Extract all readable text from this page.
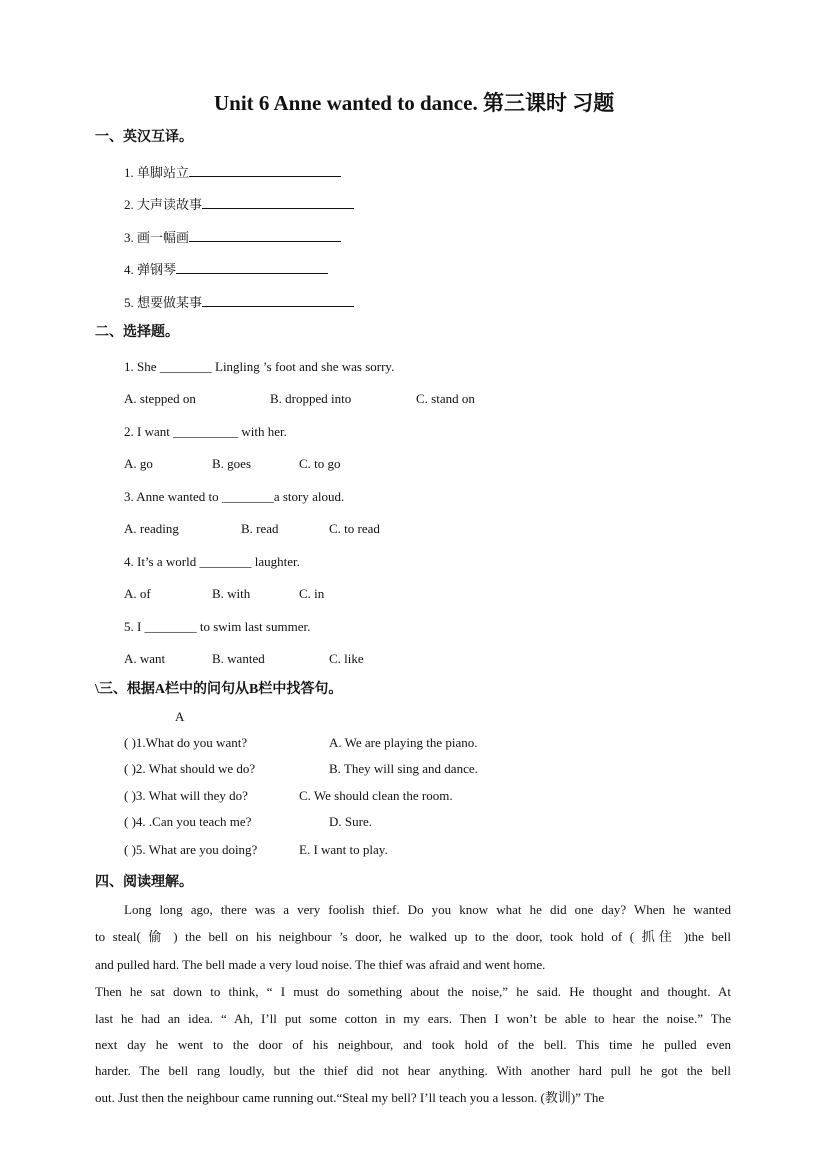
Unit 6 Anne wanted to dance. 第三课时 习题
一、英汉互译。
1. 单脚站立
2. 大声读故事
3. 画一幅画
4. 弹钢琴
5. 想要做某事
二、选择题。
1. She ________ Lingling ’s foot and she was sorry.
A. stepped on	B. dropped into	C. stand on
2. I want __________ with her.
A. go	B. goes	C. to go
3. Anne wanted to ________a story aloud.
A. reading	B. read	C. to read
4. It’s a world ________ laughter.
A. of	B. with	C. in
5. I ________ to swim last summer.
A. want	B. wanted	C. like
\三、根据A栏中的问句从B栏中找答句。
A
( )1.What do you want?	A. We are playing the piano.
( )2. What should we do?	B. They will sing and dance.
( )3. What will they do?	C. We should clean the room.
( )4. .Can you teach me?	D. Sure.
( )5. What are you doing?	E. I want to play.
四、阅读理解。
Long long ago, there was a very foolish thief. Do you know what he did one day? When he wanted
to steal( 偷 ) the bell on his neighbour ’s door, he walked up to the door, took hold of ( 抓住 )the bell
and pulled hard. The bell made a very loud noise. The thief was afraid and went home.
Then he sat down to think, “ I must do something about the noise,” he said. He thought and thought. At
last he had an idea. “ Ah, I’ll put some cotton in my ears. Then I won’t be able to hear the noise.” The
next day he went to the door of his neighbour, and took hold of the bell. This time he pulled even
harder. The bell rang loudly, but the thief did not hear anything. With another hard pull he got the bell
out. Just then the neighbour came running out.“Steal my bell? I’ll teach you a lesson. (教训)” The
